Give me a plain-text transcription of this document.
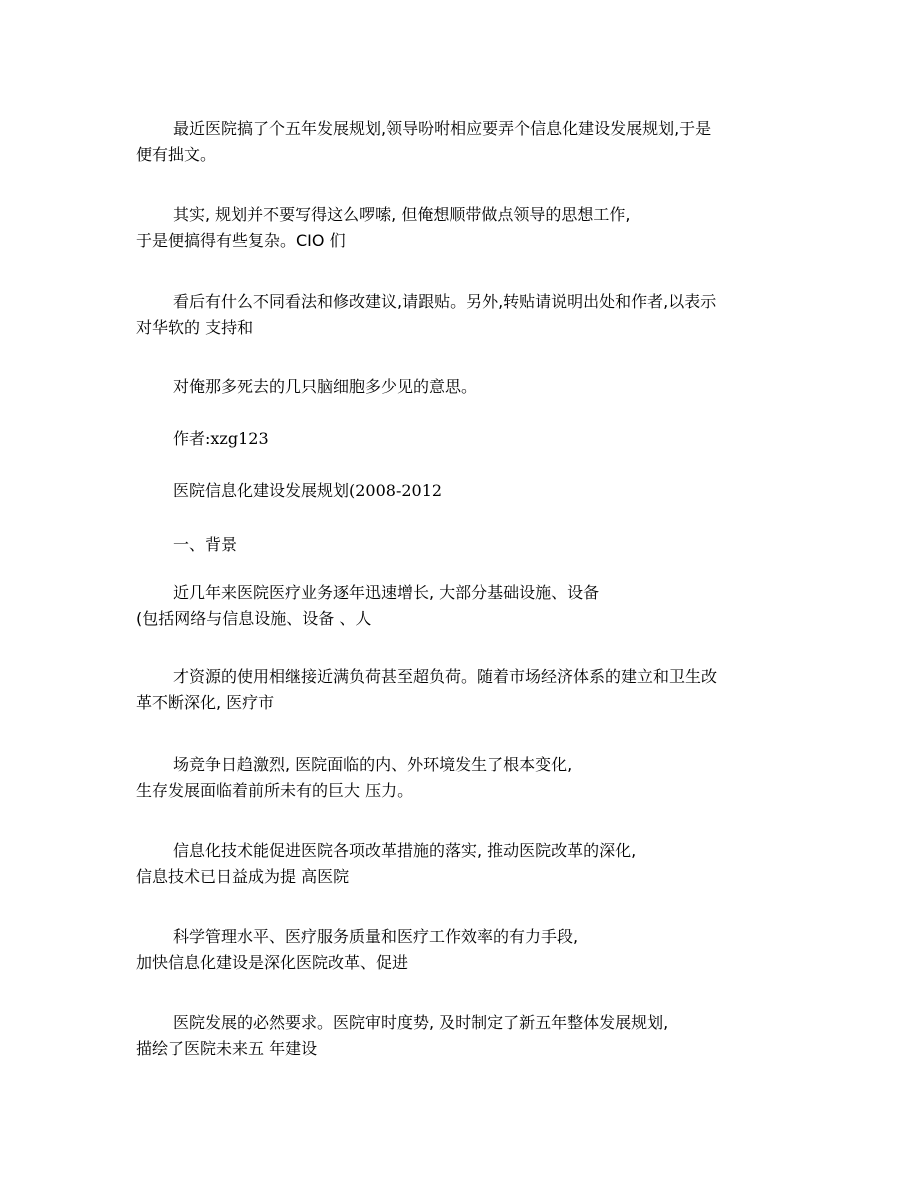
最近医院搞了个五年发展规划,领导吩咐相应要弄个信息化建设发展规划,于是
便有拙文。
其实, 规划并不要写得这么啰嗦, 但俺想顺带做点领导的思想工作,
于是便搞得有些复杂。CIO 们
看后有什么不同看法和修改建议,请跟贴。另外,转贴请说明出处和作者,以表示
对华软的 支持和
对俺那多死去的几只脑细胞多少见的意思。
作者:xzg123
医院信息化建设发展规划(2008-2012
一、背景
近几年来医院医疗业务逐年迅速增长, 大部分基础设施、设备
(包括网络与信息设施、设备 、人
才资源的使用相继接近满负荷甚至超负荷。随着市场经济体系的建立和卫生改
革不断深化, 医疗市
场竞争日趋激烈, 医院面临的内、外环境发生了根本变化,
生存发展面临着前所未有的巨大 压力。
信息化技术能促进医院各项改革措施的落实, 推动医院改革的深化,
信息技术已日益成为提 高医院
科学管理水平、医疗服务质量和医疗工作效率的有力手段,
加快信息化建设是深化医院改革、促进
医院发展的必然要求。医院审时度势, 及时制定了新五年整体发展规划,
描绘了医院未来五 年建设
